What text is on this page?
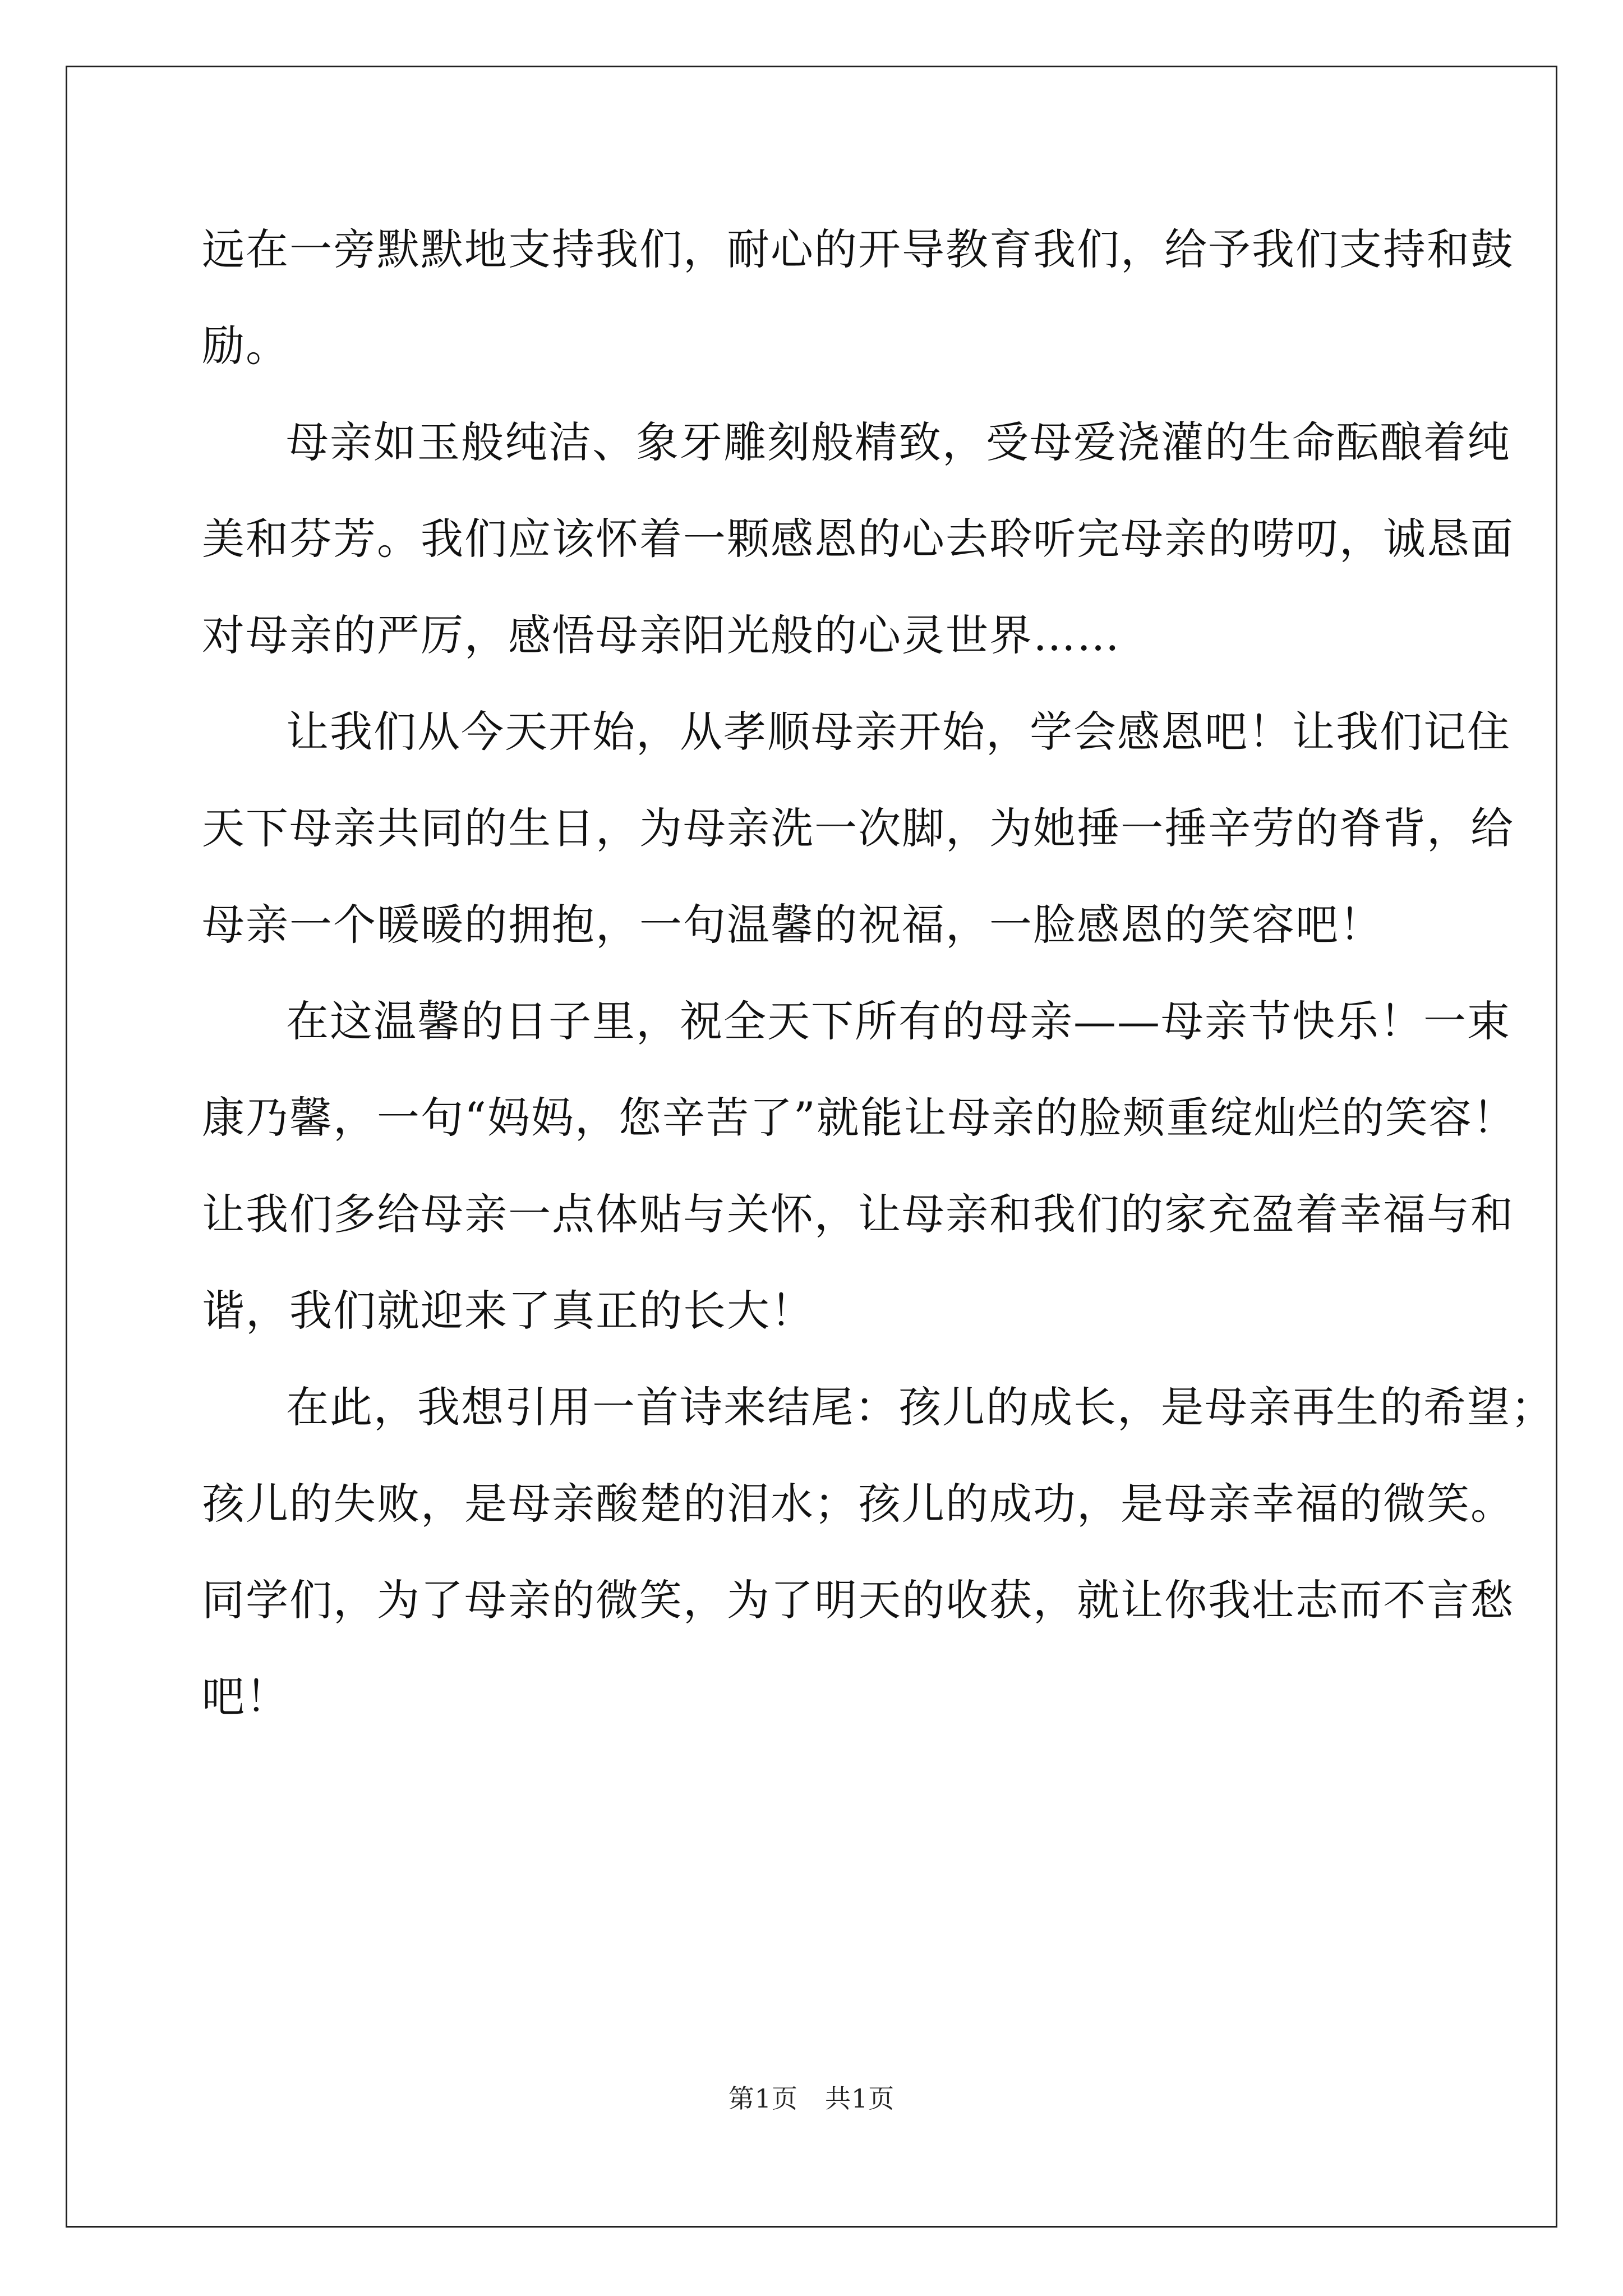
远在一旁默默地支持我们，耐心的开导教育我们，给予我们支持和鼓
励。
母亲如玉般纯洁、象牙雕刻般精致，受母爱浇灌的生命酝酿着纯
美和芬芳。我们应该怀着一颗感恩的心去聆听完母亲的唠叨，诚恳面
对母亲的严厉，感悟母亲阳光般的心灵世界……
让我们从今天开始，从孝顺母亲开始，学会感恩吧！让我们记住
天下母亲共同的生日，为母亲洗一次脚，为她捶一捶辛劳的脊背，给
母亲一个暖暖的拥抱，一句温馨的祝福，一脸感恩的笑容吧！
在这温馨的日子里，祝全天下所有的母亲——母亲节快乐！一束
康乃馨，一句“妈妈，您辛苦了”就能让母亲的脸颊重绽灿烂的笑容！
让我们多给母亲一点体贴与关怀，让母亲和我们的家充盈着幸福与和
谐，我们就迎来了真正的长大！
在此，我想引用一首诗来结尾：孩儿的成长，是母亲再生的希望；
孩儿的失败，是母亲酸楚的泪水；孩儿的成功，是母亲幸福的微笑。
同学们，为了母亲的微笑，为了明天的收获，就让你我壮志而不言愁
吧！
第1页 共1页
